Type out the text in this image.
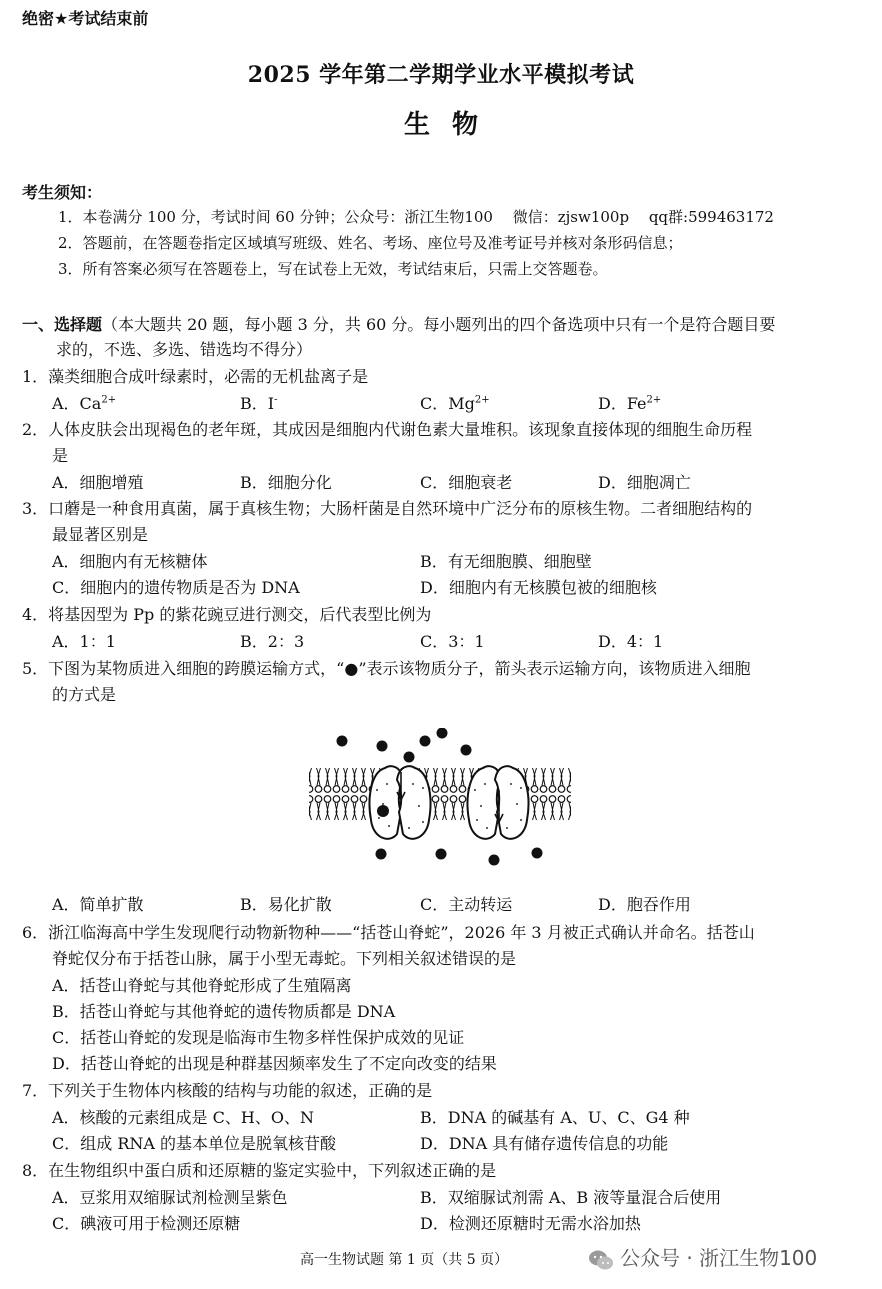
绝密★考试结束前
2025 学年第二学期学业水平模拟考试
生物
考生须知：
1．本卷满分 100 分，考试时间 60 分钟；公众号：浙江生物100　 微信：zjsw100p　 qq群:599463172
2．答题前，在答题卷指定区域填写班级、姓名、考场、座位号及准考证号并核对条形码信息；
3．所有答案必须写在答题卷上，写在试卷上无效，考试结束后，只需上交答题卷。
一、选择题（本大题共 20 题，每小题 3 分，共 60 分。每小题列出的四个备选项中只有一个是符合题目要
求的，不选、多选、错选均不得分）
1．藻类细胞合成叶绿素时，必需的无机盐离子是
A．$Ca^{2+}$	B．I-	C．$Mg^{2+}$	D．$Fe^{2+}$
2．人体皮肤会出现褐色的老年斑，其成因是细胞内代谢色素大量堆积。该现象直接体现的细胞生命历程
是
A．细胞增殖	B．细胞分化	C．细胞衰老	D．细胞凋亡
3．口蘑是一种食用真菌，属于真核生物；大肠杆菌是自然环境中广泛分布的原核生物。二者细胞结构的
最显著区别是
A．细胞内有无核糖体	B．有无细胞膜、细胞壁
C．细胞内的遗传物质是否为 DNA	D．细胞内有无核膜包被的细胞核
4．将基因型为 Pp 的紫花豌豆进行测交，后代表型比例为
A．1：1	B．2：3	C．3：1	D．4：1
5．下图为某物质进入细胞的跨膜运输方式，“●”表示该物质分子，箭头表示运输方向，该物质进入细胞
的方式是
A．简单扩散	B．易化扩散	C．主动转运	D．胞吞作用
6．浙江临海高中学生发现爬行动物新物种——“括苍山脊蛇”，2026 年 3 月被正式确认并命名。括苍山
脊蛇仅分布于括苍山脉，属于小型无毒蛇。下列相关叙述错误的是
A．括苍山脊蛇与其他脊蛇形成了生殖隔离
B．括苍山脊蛇与其他脊蛇的遗传物质都是 DNA
C．括苍山脊蛇的发现是临海市生物多样性保护成效的见证
D．括苍山脊蛇的出现是种群基因频率发生了不定向改变的结果
7．下列关于生物体内核酸的结构与功能的叙述，正确的是
A．核酸的元素组成是 C、H、O、N	B．DNA 的碱基有 A、U、C、G4 种
C．组成 RNA 的基本单位是脱氧核苷酸	D．DNA 具有储存遗传信息的功能
8．在生物组织中蛋白质和还原糖的鉴定实验中，下列叙述正确的是
A．豆浆用双缩脲试剂检测呈紫色	B．双缩脲试剂需 A、B 液等量混合后使用
C．碘液可用于检测还原糖	D．检测还原糖时无需水浴加热
高一生物试题 第 1 页（共 5 页）	公众号 · 浙江生物100
